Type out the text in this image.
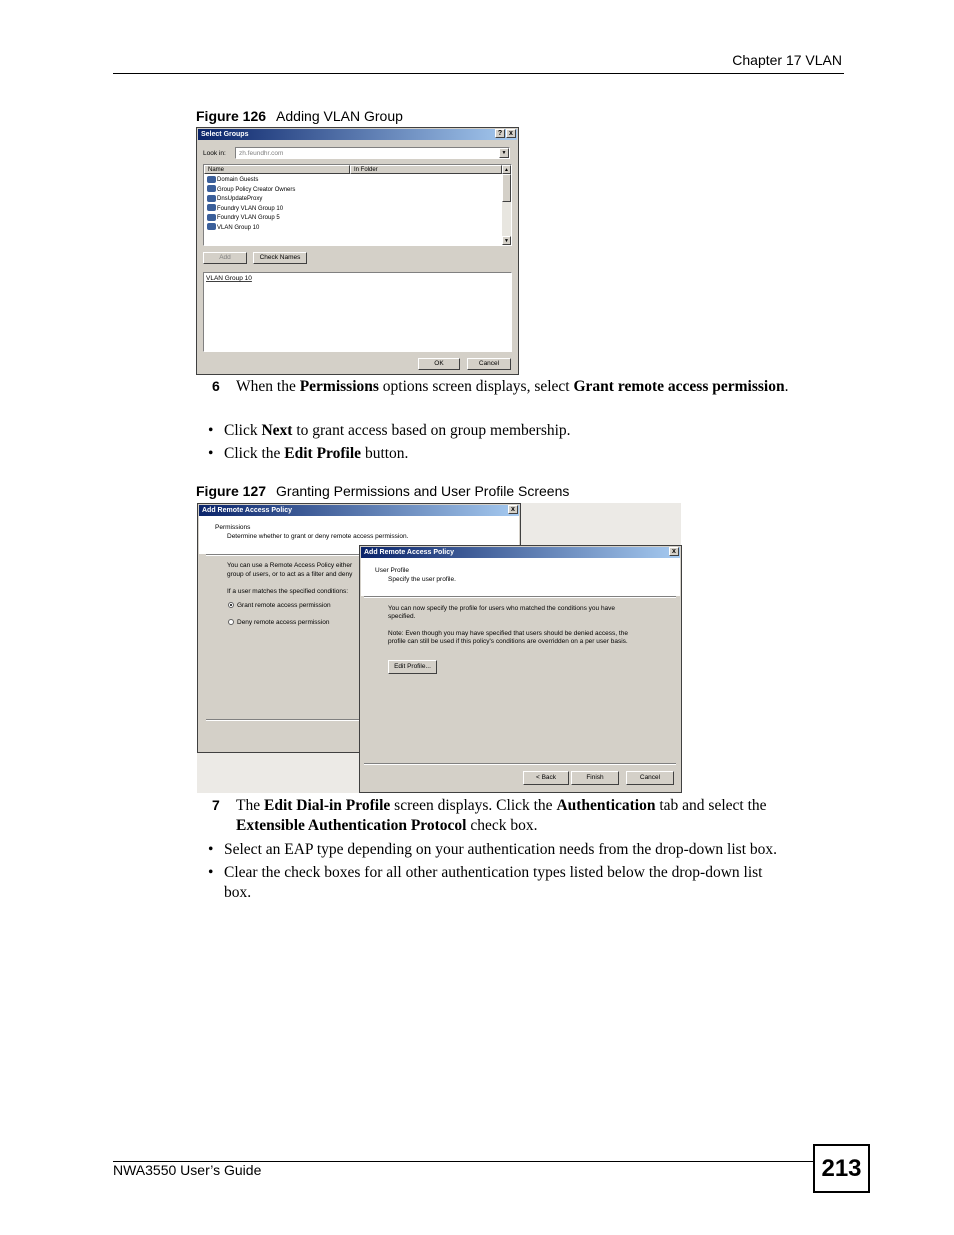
Chapter 17 VLAN
Figure 126 Adding VLAN Group
Select Groups	? x
Look in: zh.feundhr.com	▼
Name	In Folder
Domain Guests
Group Policy Creator Owners
DnsUpdateProxy
Foundry VLAN Group 10
Foundry VLAN Group 5
VLAN Group 10
▲
▼
Add	Check Names
VLAN Group 10
OK	Cancel
6 When the Permissions options screen displays, select Grant remote access permission.
• Click Next to grant access based on group membership.
• Click the Edit Profile button.
Figure 127 Granting Permissions and User Profile Screens
Add Remote Access Policy	x
Permissions
Determine whether to grant or deny remote access permission.
You can use a Remote Access Policy either
group of users, or to act as a filter and deny
If a user matches the specified conditions:
Grant remote access permission
Deny remote access permission
Add Remote Access Policy	x
User Profile
Specify the user profile.
You can now specify the profile for users who matched the conditions you have
specified.
Note: Even though you may have specified that users should be denied access, the
profile can still be used if this policy's conditions are overridden on a per user basis.
Edit Profile...
< Back	Finish	Cancel
7 The Edit Dial-in Profile screen displays. Click the Authentication tab and select the Extensible Authentication Protocol check box.
• Select an EAP type depending on your authentication needs from the drop-down list box.
• Clear the check boxes for all other authentication types listed below the drop-down list
box.
NWA3550 User’s Guide	213
